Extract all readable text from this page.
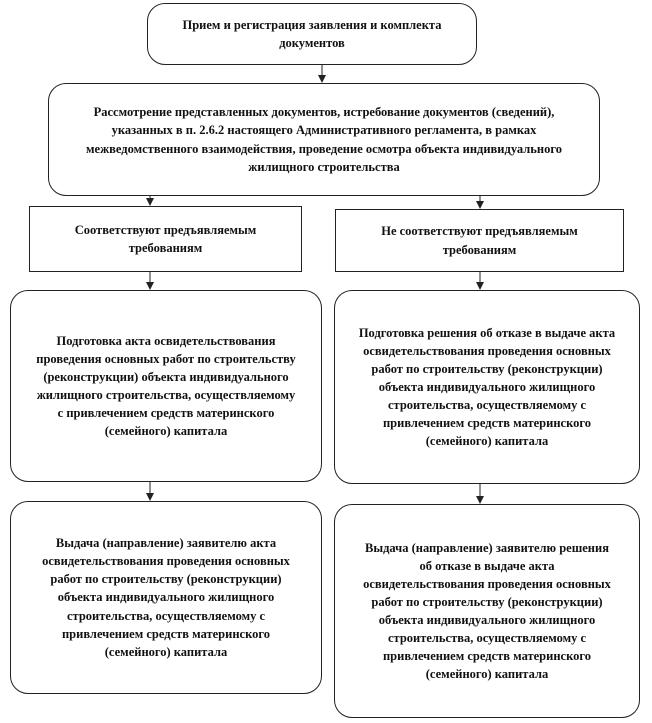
Прием и регистрация заявления и комплекта документов
Рассмотрение представленных документов, истребование документов (сведений), указанных в п. 2.6.2 настоящего Административного регламента, в рамках межведомственного взаимодействия, проведение осмотра объекта индивидуального жилищного строительства
Соответствуют предъявляемым требованиям
Не соответствуют предъявляемым требованиям
Подготовка акта освидетельствования проведения основных работ по строительству (реконструкции) объекта индивидуального жилищного строительства, осуществляемому с привлечением средств материнского (семейного) капитала
Подготовка решения об отказе в выдаче акта освидетельствования проведения основных работ по строительству (реконструкции) объекта индивидуального жилищного строительства, осуществляемому с привлечением средств материнского (семейного) капитала
Выдача (направление) заявителю акта освидетельствования проведения основных работ по строительству (реконструкции) объекта индивидуального жилищного строительства, осуществляемому с привлечением средств материнского (семейного) капитала
Выдача (направление) заявителю решения об отказе в выдаче акта освидетельствования проведения основных работ по строительству (реконструкции) объекта индивидуального жилищного строительства, осуществляемому с привлечением средств материнского (семейного) капитала
